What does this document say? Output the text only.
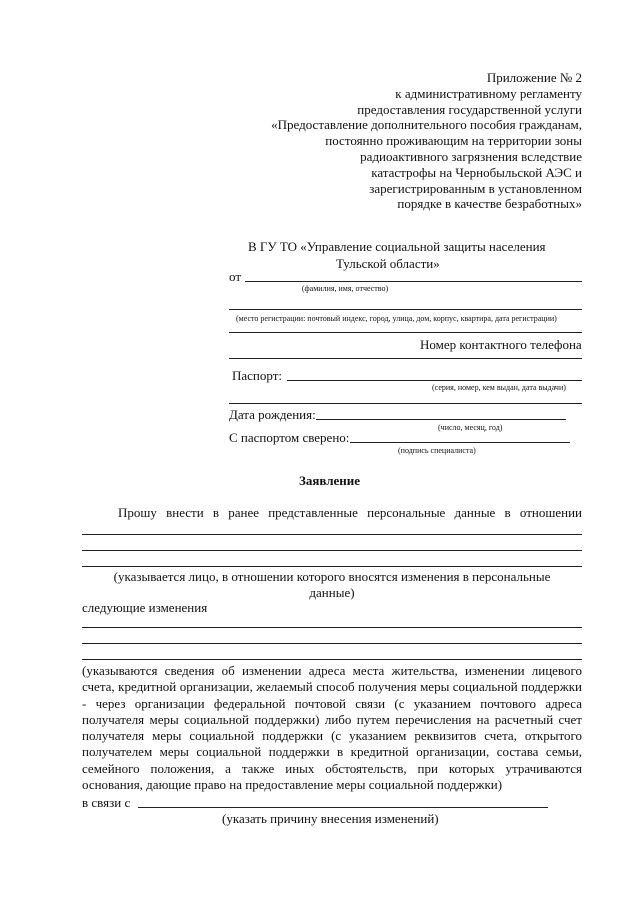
Приложение № 2
к административному регламенту
предоставления государственной услуги
«Предоставление дополнительного пособия гражданам,
постоянно проживающим на территории зоны
радиоактивного загрязнения вследствие
катастрофы на Чернобыльской АЭС и
зарегистрированным в установленном
порядке в качестве безработных»
В ГУ ТО «Управление социальной защиты населения
Тульской области»
от
(фамилия, имя, отчество)
(место регистрации: почтовый индекс, город, улица, дом, корпус, квартира, дата регистрации)
Номер контактного телефона
Паспорт:
(серия, номер, кем выдан, дата выдачи)
Дата рождения:
(число, месяц, год)
С паспортом сверено:
(подпись специалиста)
Заявление
Прошу внести в ранее представленные персональные данные в отношении
(указывается лицо, в отношении которого вносятся изменения в персональные
данные)
следующие изменения
(указываются сведения об изменении адреса места жительства, изменении лицевого счета, кредитной организации, желаемый способ получения меры социальной поддержки - через организации федеральной почтовой связи (с указанием почтового адреса получателя меры социальной поддержки) либо путем перечисления на расчетный счет получателя меры социальной поддержки (с указанием реквизитов счета, открытого получателем меры социальной поддержки в кредитной организации, состава семьи, семейного положения, а также иных обстоятельств, при которых утрачиваются основания, дающие право на предоставление меры социальной поддержки)
в связи с
(указать причину внесения изменений)
